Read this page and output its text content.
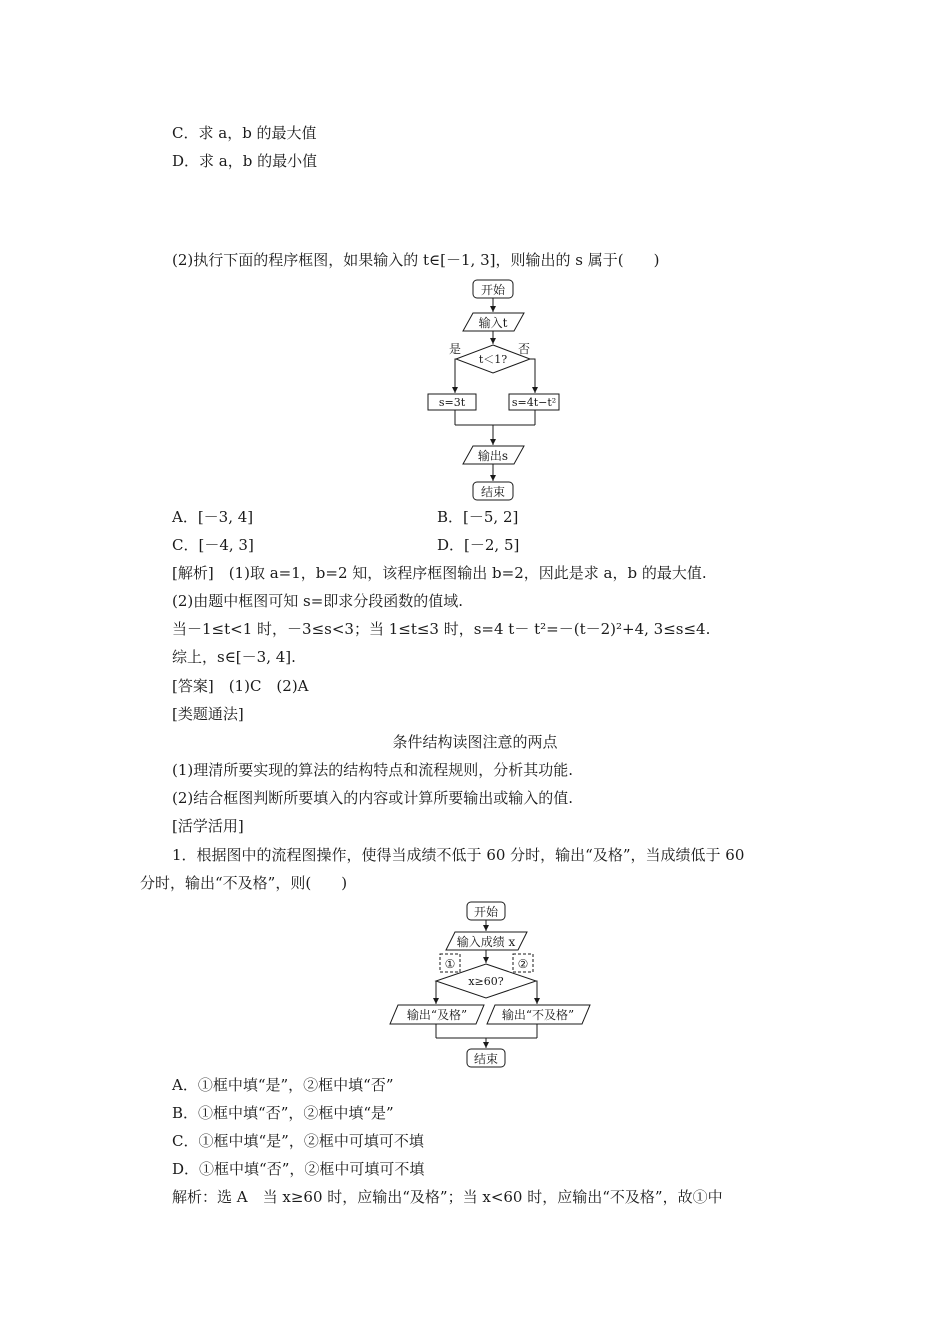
C．求 a，b 的最大值
D．求 a，b 的最小值
(2)执行下面的程序框图，如果输入的 t∈[－1, 3]，则输出的 s 属于(　　)
开始
输入t
t＜1?
是	否
s=3t	s=4t−t²
输出s
结束
A．[－3, 4]	B．[－5, 2]
C．[－4, 3]	D．[－2, 5]
[解析]　(1)取 a=1，b=2 知，该程序框图输出 b=2，因此是求 a，b 的最大值.
(2)由题中框图可知 s=即求分段函数的值域.
当－1≤t<1 时，－3≤s<3；当 1≤t≤3 时，s=4 t－ t²=－(t－2)²+4, 3≤s≤4.
综上，s∈[－3, 4].
[答案]　(1)C　(2)A
[类题通法]
条件结构读图注意的两点
(1)理清所要实现的算法的结构特点和流程规则，分析其功能.
(2)结合框图判断所要填入的内容或计算所要输出或输入的值.
[活学活用]
1．根据图中的流程图操作，使得当成绩不低于 60 分时，输出“及格”，当成绩低于 60
分时，输出“不及格”，则(　　)
开始
输入成绩 x
①	②
x≥60?
输出“及格”	输出“不及格”
结束
A．①框中填“是”，②框中填“否”
B．①框中填“否”，②框中填“是”
C．①框中填“是”，②框中可填可不填
D．①框中填“否”，②框中可填可不填
解析：选 A　当 x≥60 时，应输出“及格”；当 x<60 时，应输出“不及格”，故①中
